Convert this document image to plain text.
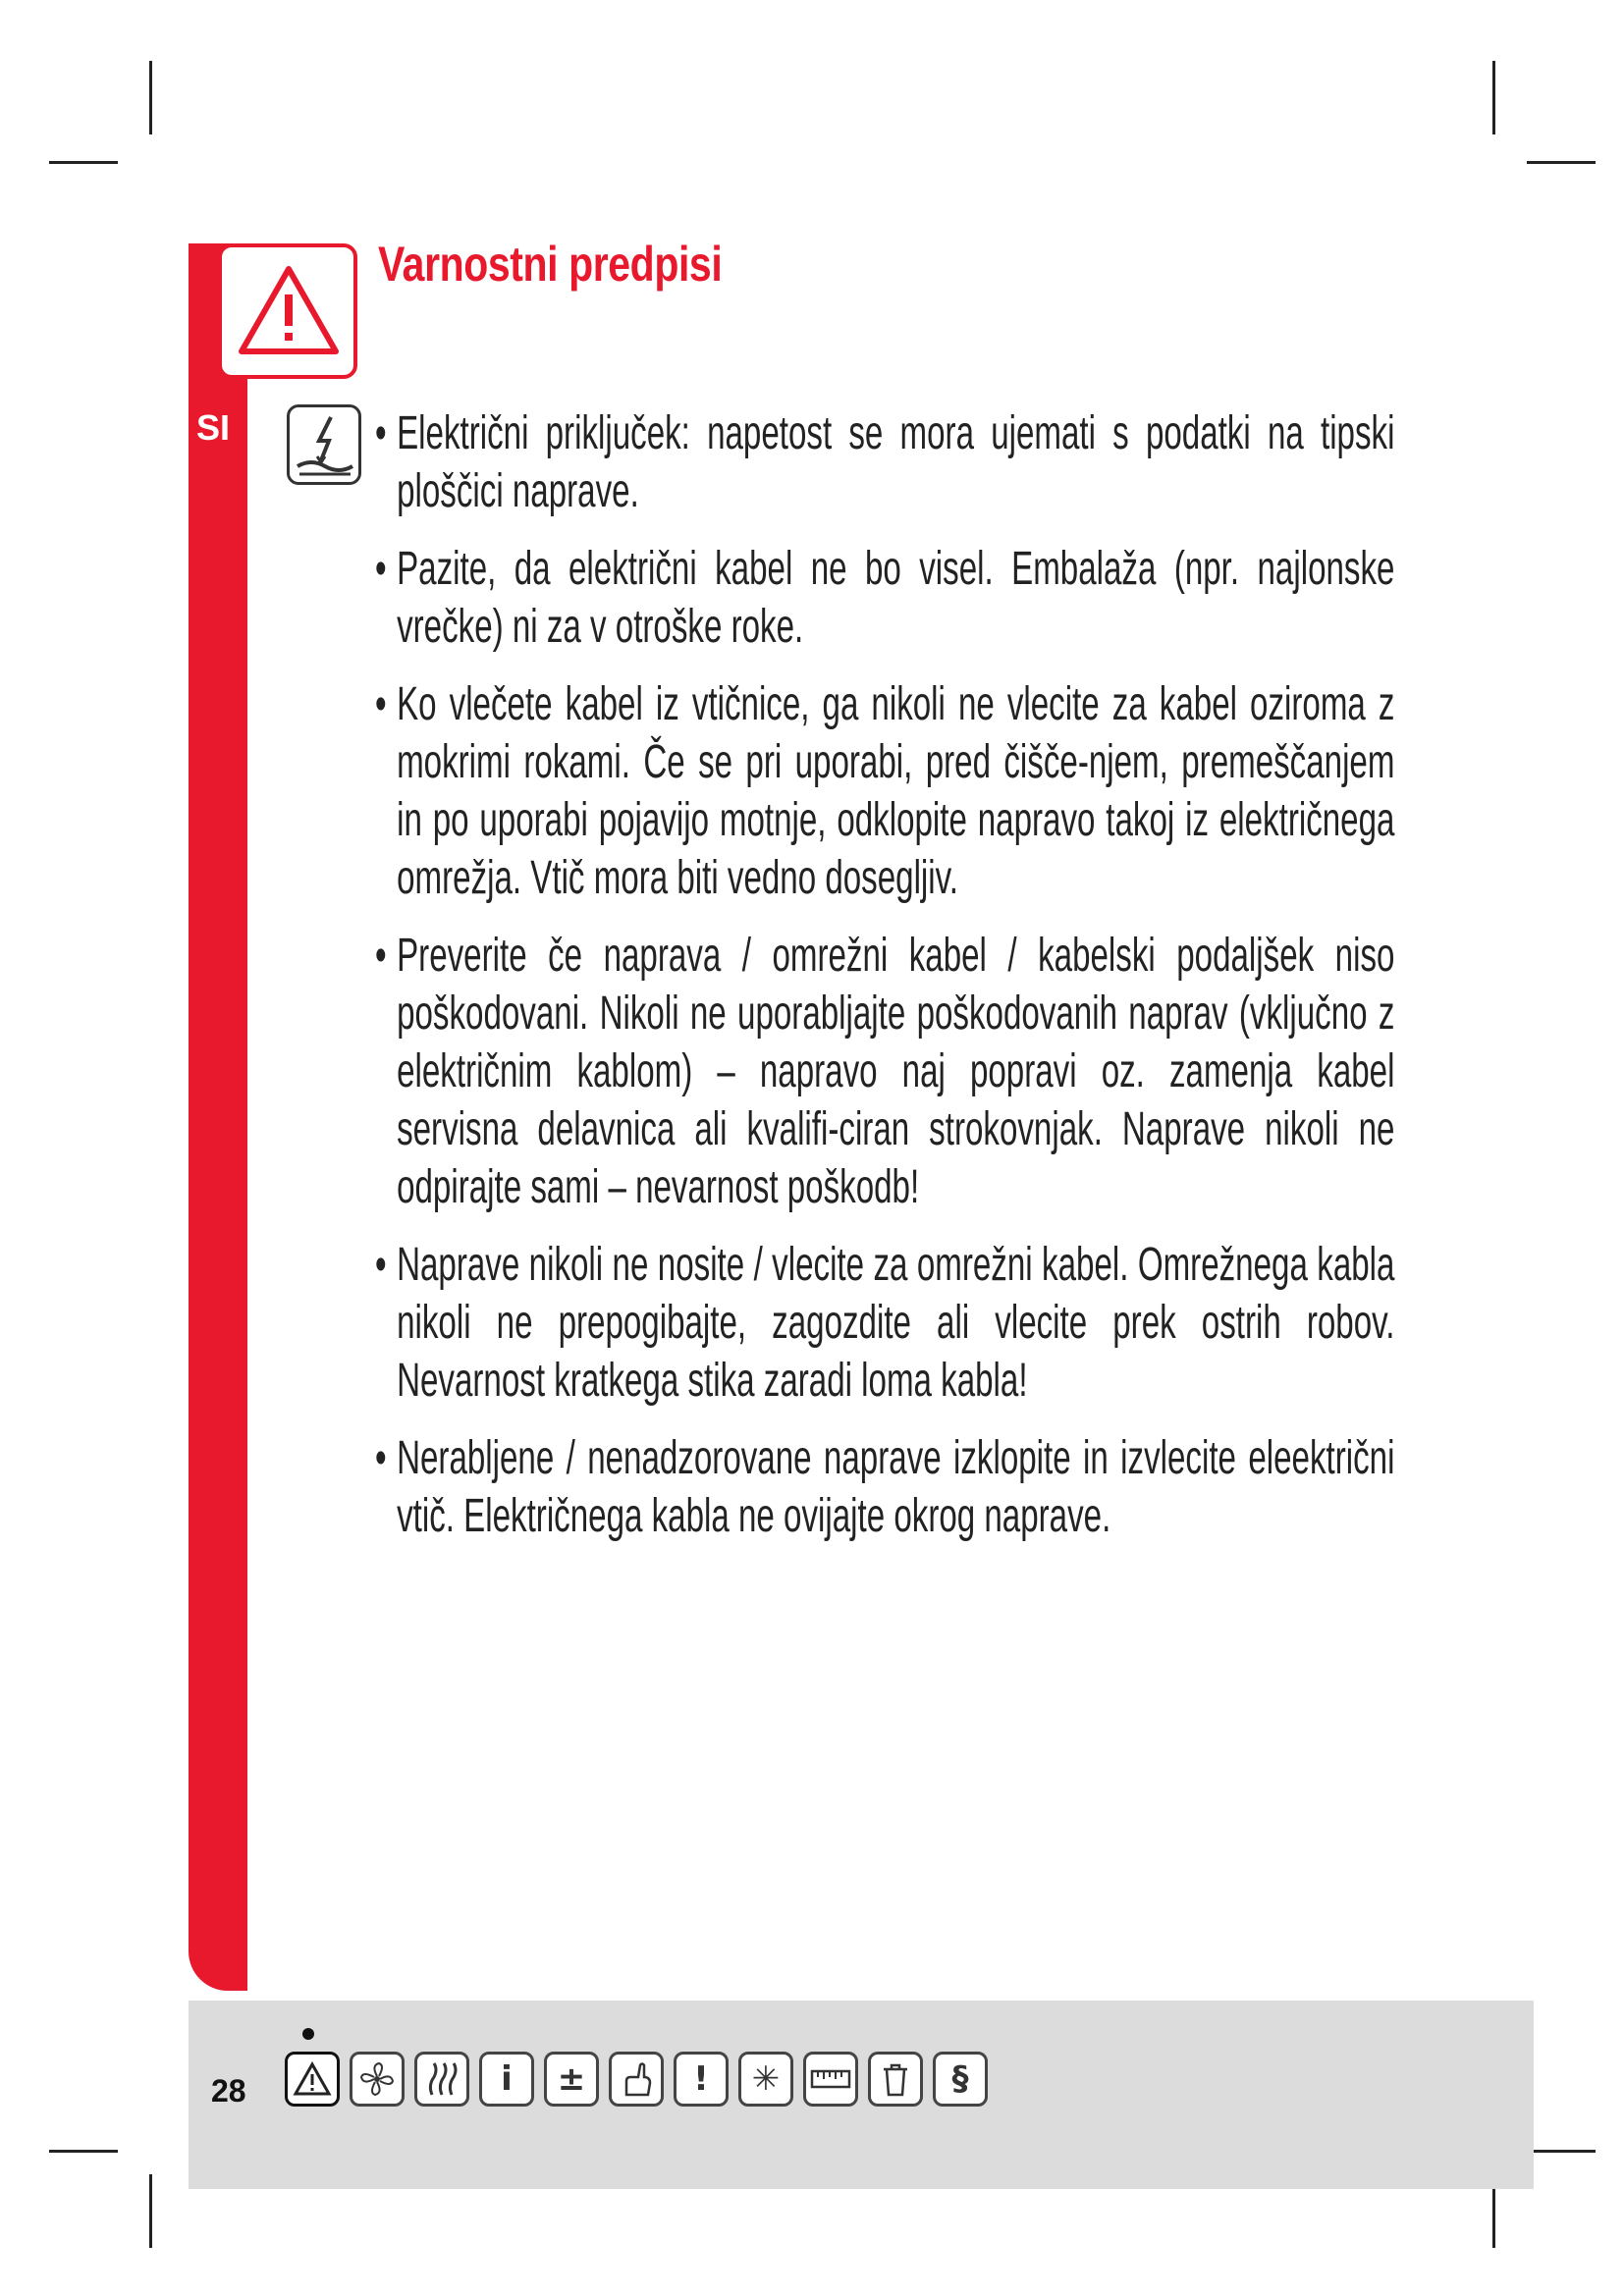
SI
Varnostni predpisi
• Električni priključek: napetost se mora ujemati s podatki na tipski ploščici naprave.
• Pazite, da električni kabel ne bo visel. Embalaža (npr. najlonske vrečke) ni za v otroške roke.
• Ko vlečete kabel iz vtičnice, ga nikoli ne vlecite za kabel oziroma z mokrimi rokami. Če se pri uporabi, pred čišče-njem, premeščanjem in po uporabi pojavijo motnje, odklopite napravo takoj iz električnega omrežja. Vtič mora biti vedno dosegljiv.
• Preverite če naprava / omrežni kabel / kabelski podaljšek niso poškodovani. Nikoli ne uporabljajte poškodovanih naprav (vključno z električnim kablom) – napravo naj popravi oz. zamenja kabel servisna delavnica ali kvalifi-ciran strokovnjak. Naprave nikoli ne odpirajte sami – nevarnost poškodb!
• Naprave nikoli ne nosite / vlecite za omrežni kabel. Omrežnega kabla nikoli ne prepogibajte, zagozdite ali vlecite prek ostrih robov. Nevarnost kratkega stika zaradi loma kabla!
• Nerabljene / nenadzorovane naprave izklopite in izvlecite eleektrični vtič. Električnega kabla ne ovijajte okrog naprave.
28	i	±	!	✳	§
